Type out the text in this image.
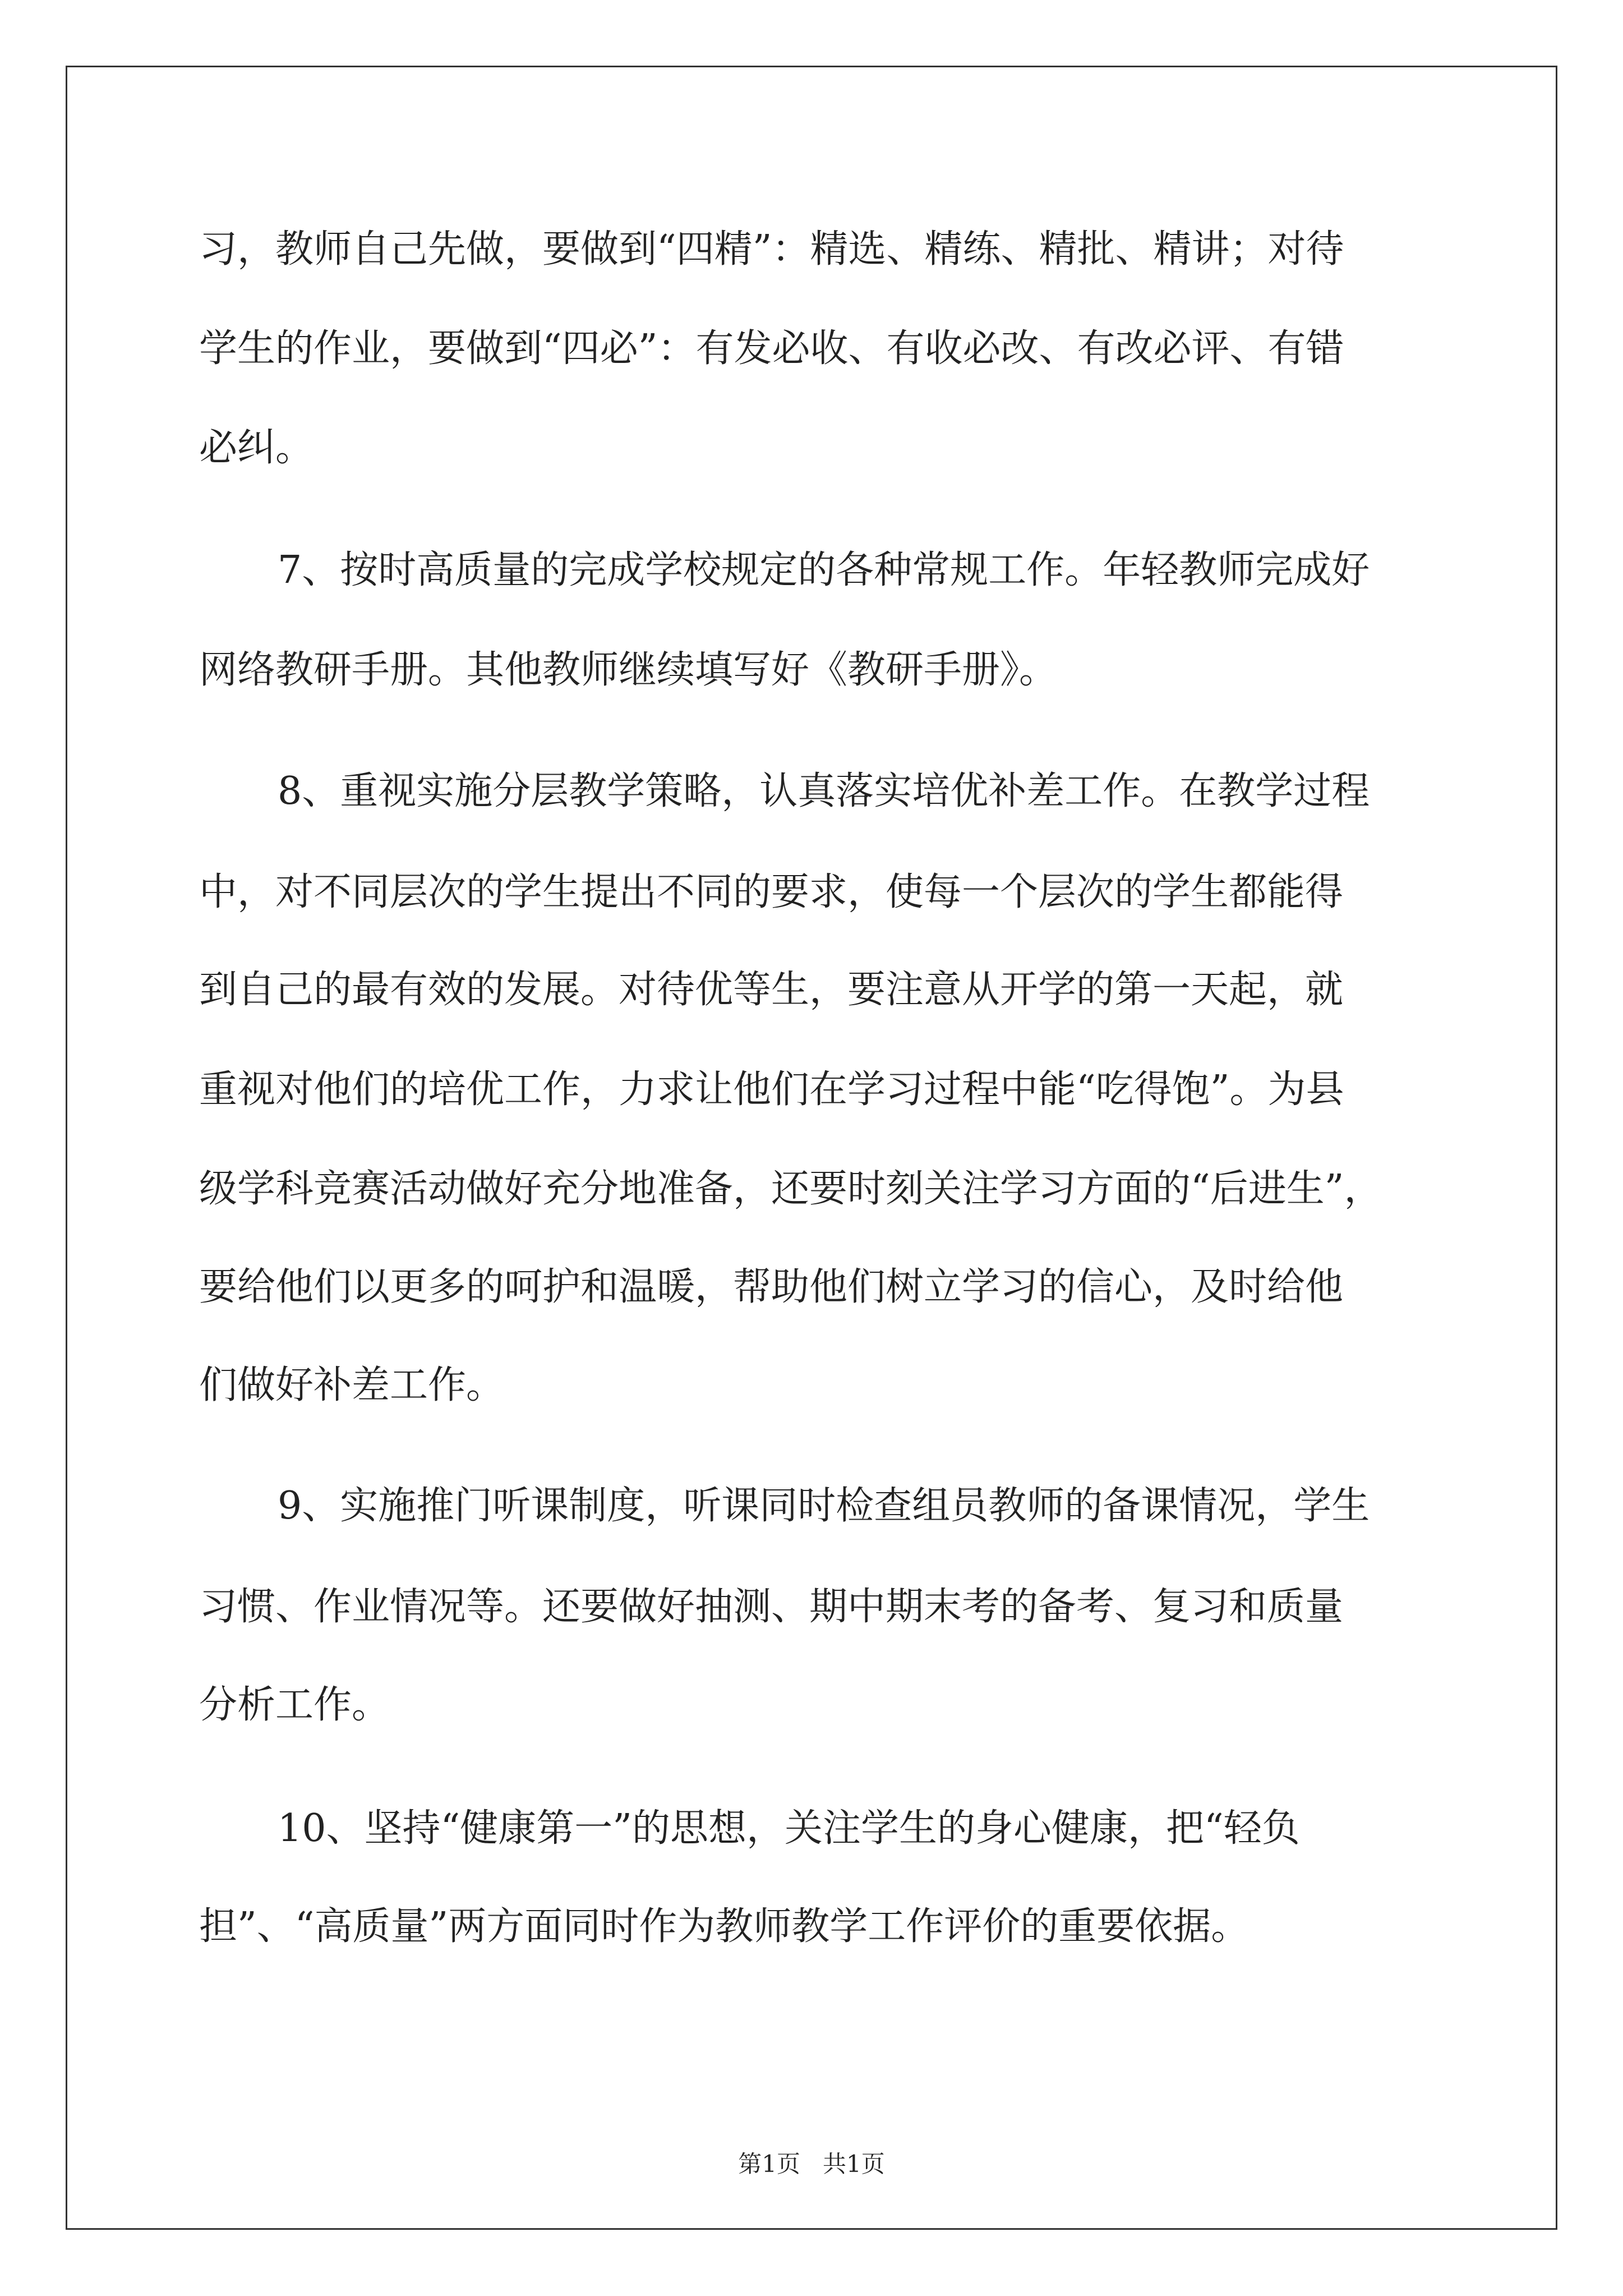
习，教师自己先做，要做到“四精”：精选、精练、精批、精讲；对待
学生的作业，要做到“四必”：有发必收、有收必改、有改必评、有错
必纠。
7、按时高质量的完成学校规定的各种常规工作。年轻教师完成好
网络教研手册。其他教师继续填写好《教研手册》。
8、重视实施分层教学策略，认真落实培优补差工作。在教学过程
中，对不同层次的学生提出不同的要求，使每一个层次的学生都能得
到自己的最有效的发展。对待优等生，要注意从开学的第一天起，就
重视对他们的培优工作，力求让他们在学习过程中能“吃得饱”。为县
级学科竞赛活动做好充分地准备，还要时刻关注学习方面的“后进生”，
要给他们以更多的呵护和温暖，帮助他们树立学习的信心，及时给他
们做好补差工作。
9、实施推门听课制度，听课同时检查组员教师的备课情况，学生
习惯、作业情况等。还要做好抽测、期中期末考的备考、复习和质量
分析工作。
10、坚持“健康第一”的思想，关注学生的身心健康，把“轻负
担”、“高质量”两方面同时作为教师教学工作评价的重要依据。
第1页   共1页
